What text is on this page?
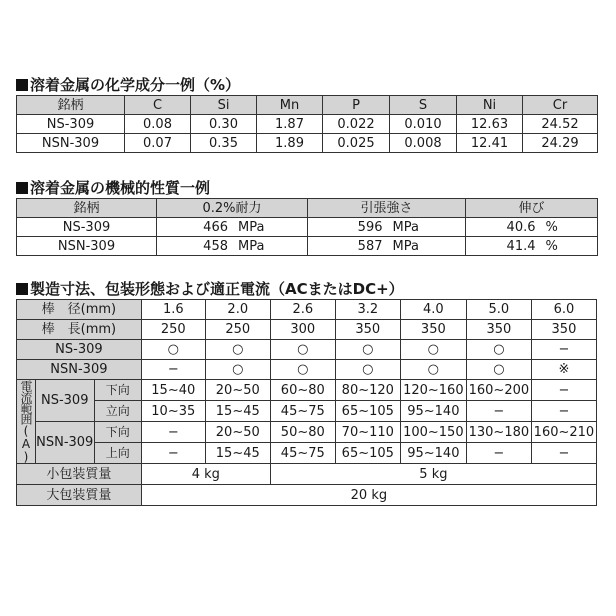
溶着金属の化学成分一例（%）
銘柄	C	Si	Mn	P	S	Ni	Cr
NS-309	0.08	0.30	1.87	0.022	0.010	12.63	24.52
NSN-309	0.07	0.35	1.89	0.025	0.008	12.41	24.29
溶着金属の機械的性質一例
銘柄	0.2%耐力	引張強さ	伸び
NS-309	466 MPa	596 MPa	40.6 %
NSN-309	458 MPa	587 MPa	41.4 %
製造寸法、包装形態および適正電流（ACまたはDC+）
棒　径(mm)			1.6	2.0	2.6	3.2	4.0	5.0	6.0
棒　長(mm)			250	250	300	350	350	350	350
NS-309			○	○	○	○	○	○	−
NSN-309			−	○	○	○	○	○	※
電流範囲(A)	NS-309	下向	15~40	20~50	60~80	80~120	120~160	160~200	−
		立向	10~35	15~45	45~75	65~105	95~140	−	−
	NSN-309	下向	−	20~50	50~80	70~110	100~150	130~180	160~210
		上向	−	15~45	45~75	65~105	95~140	−	−
小包装質量			4 kg		5 kg				
大包装質量			20 kg						
